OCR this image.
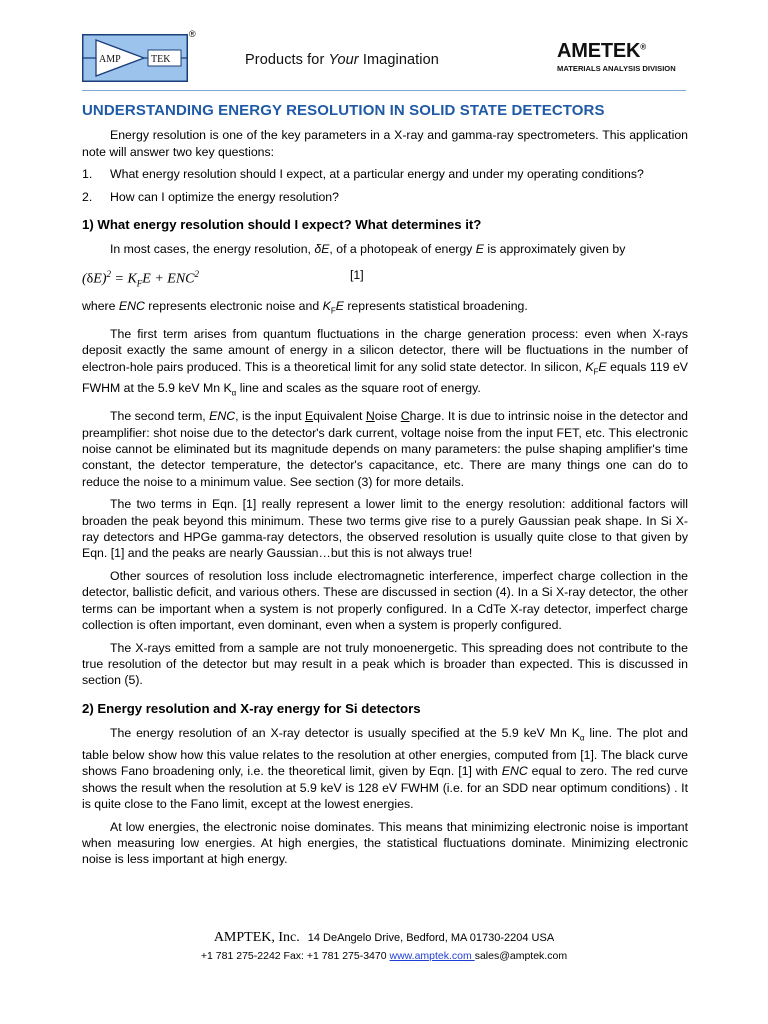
AMP	TEK
®
Products for Your Imagination	AMETEK®
MATERIALS ANALYSIS DIVISION
UNDERSTANDING ENERGY RESOLUTION IN SOLID STATE DETECTORS

Energy resolution is one of the key parameters in a X-ray and gamma-ray spectrometers. This application note will answer two key questions:

1. What energy resolution should I expect, at a particular energy and under my operating conditions?
2. How can I optimize the energy resolution?
1) What energy resolution should I expect? What determines it?

In most cases, the energy resolution, δE, of a photopeak of energy E is approximately given by

$(\delta E)^2 = K_FE + ENC^2$	[1]

where ENC represents electronic noise and $K_FE$ represents statistical broadening.

The first term arises from quantum fluctuations in the charge generation process: even when X-rays deposit exactly the same amount of energy in a silicon detector, there will be fluctuations in the number of electron-hole pairs produced. This is a theoretical limit for any solid state detector. In silicon, $K_FE$ equals 119 eV FWHM at the 5.9 keV Mn $K_\alpha$ line and scales as the square root of energy.

The second term, ENC, is the input Equivalent Noise Charge. It is due to intrinsic noise in the detector and preamplifier: shot noise due to the detector's dark current, voltage noise from the input FET, etc. This electronic noise cannot be eliminated but its magnitude depends on many parameters: the pulse shaping amplifier's time constant, the detector temperature, the detector's capacitance, etc. There are many things one can do to reduce the noise to a minimum value. See section (3) for more details.

The two terms in Eqn. [1] really represent a lower limit to the energy resolution: additional factors will broaden the peak beyond this minimum. These two terms give rise to a purely Gaussian peak shape. In Si X-ray detectors and HPGe gamma-ray detectors, the observed resolution is usually quite close to that given by Eqn. [1] and the peaks are nearly Gaussian…but this is not always true!

Other sources of resolution loss include electromagnetic interference, imperfect charge collection in the detector, ballistic deficit, and various others. These are discussed in section (4). In a Si X-ray detector, the other terms can be important when a system is not properly configured. In a CdTe X-ray detector, imperfect charge collection is often important, even dominant, even when a system is properly configured.

The X-rays emitted from a sample are not truly monoenergetic. This spreading does not contribute to the true resolution of the detector but may result in a peak which is broader than expected. This is discussed in section (5).

2) Energy resolution and X-ray energy for Si detectors

The energy resolution of an X-ray detector is usually specified at the 5.9 keV Mn $K_\alpha$ line. The plot and table below show how this value relates to the resolution at other energies, computed from [1]. The black curve shows Fano broadening only, i.e. the theoretical limit, given by Eqn. [1] with ENC equal to zero. The red curve shows the result when the resolution at 5.9 keV is 128 eV FWHM (i.e. for an SDD near optimum conditions) . It is quite close to the Fano limit, except at the lowest energies.

At low energies, the electronic noise dominates. This means that minimizing electronic noise is important when measuring low energies. At high energies, the statistical fluctuations dominate. Minimizing electronic noise is less important at high energy.

AMPTEK, Inc. 14 DeAngelo Drive, Bedford, MA 01730-2204 USA
+1 781 275-2242 Fax: +1 781 275-3470 www.amptek.com sales@amptek.com
